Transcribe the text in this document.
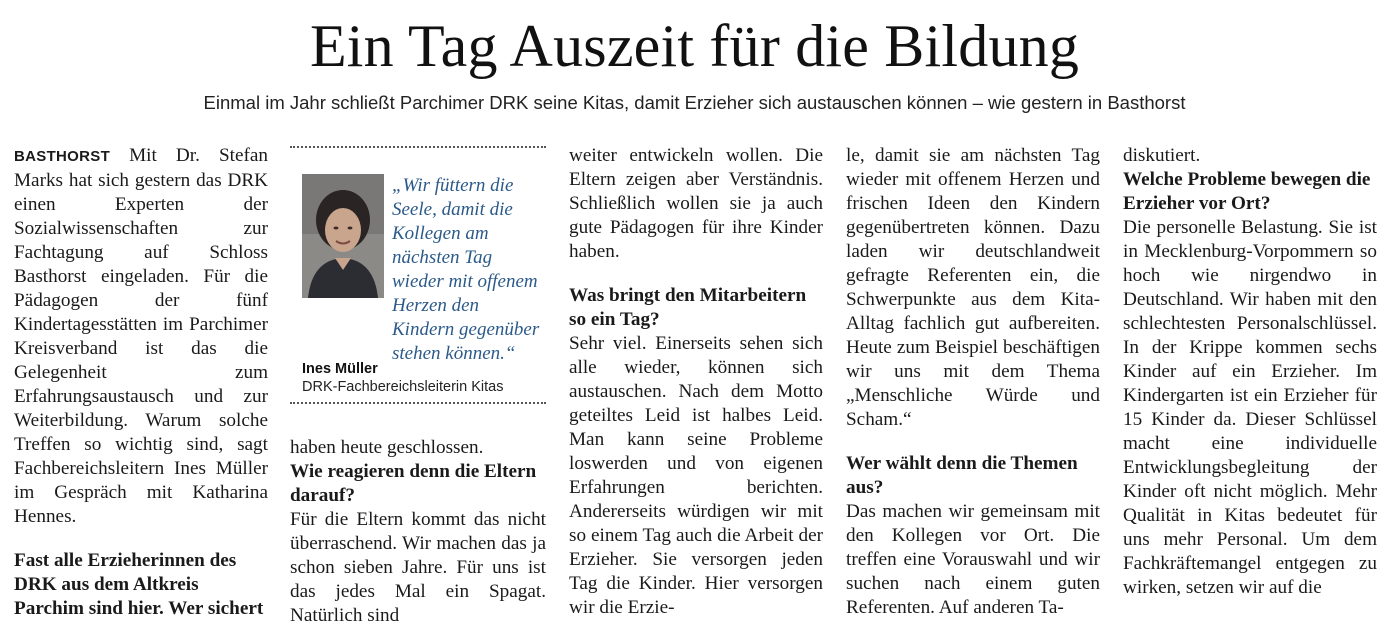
Ein Tag Auszeit für die Bildung

Einmal im Jahr schließt Parchimer DRK seine Kitas, damit Erzieher sich austauschen können – wie gestern in Basthorst

BASTHORST Mit Dr. Stefan Marks hat sich gestern das DRK einen Experten der Sozialwissenschaften zur Fachtagung auf Schloss Basthorst eingeladen. Für die Pädagogen der fünf Kindertagesstätten im Parchimer Kreisverband ist das die Gelegenheit zum Erfahrungsaustausch und zur Weiterbildung. Warum solche Treffen so wichtig sind, sagt Fachbereichsleitern Ines Müller im Gespräch mit Katharina Hennes.

Fast alle Erzieherinnen des DRK aus dem Altkreis Parchim sind hier. Wer sichert

„Wir füttern die Seele, damit die Kollegen am nächsten Tag wieder mit offenem Herzen den Kindern gegenüber stehen können.“

Ines Müller

DRK-Fachbereichsleiterin Kitas

haben heute geschlossen.

Wie reagieren denn die Eltern darauf?

Für die Eltern kommt das nicht überraschend. Wir machen das ja schon sieben Jahre. Für uns ist das jedes Mal ein Spagat. Natürlich sind

weiter entwickeln wollen. Die Eltern zeigen aber Verständnis. Schließlich wollen sie ja auch gute Pädagogen für ihre Kinder haben.

Was bringt den Mitarbeitern so ein Tag?

Sehr viel. Einerseits sehen sich alle wieder, können sich austauschen. Nach dem Motto geteiltes Leid ist halbes Leid. Man kann seine Probleme loswerden und von eigenen Erfahrungen berichten. Andererseits würdigen wir mit so einem Tag auch die Arbeit der Erzieher. Sie versorgen jeden Tag die Kinder. Hier versorgen wir die Erzie-

le, damit sie am nächsten Tag wieder mit offenem Herzen und frischen Ideen den Kindern gegenübertreten können. Dazu laden wir deutschlandweit gefragte Referenten ein, die Schwerpunkte aus dem Kita-Alltag fachlich gut aufbereiten. Heute zum Beispiel beschäftigen wir uns mit dem Thema „Menschliche Würde und Scham.“

Wer wählt denn die Themen aus?

Das machen wir gemeinsam mit den Kollegen vor Ort. Die treffen eine Vorauswahl und wir suchen nach einem guten Referenten. Auf anderen Ta-

diskutiert.

Welche Probleme bewegen die Erzieher vor Ort?

Die personelle Belastung. Sie ist in Mecklenburg-Vorpommern so hoch wie nirgendwo in Deutschland. Wir haben mit den schlechtesten Personalschlüssel. In der Krippe kommen sechs Kinder auf ein Erzieher. Im Kindergarten ist ein Erzieher für 15 Kinder da. Dieser Schlüssel macht eine individuelle Entwicklungsbegleitung der Kinder oft nicht möglich. Mehr Qualität in Kitas bedeutet für uns mehr Personal. Um dem Fachkräftemangel entgegen zu wirken, setzen wir auf die
